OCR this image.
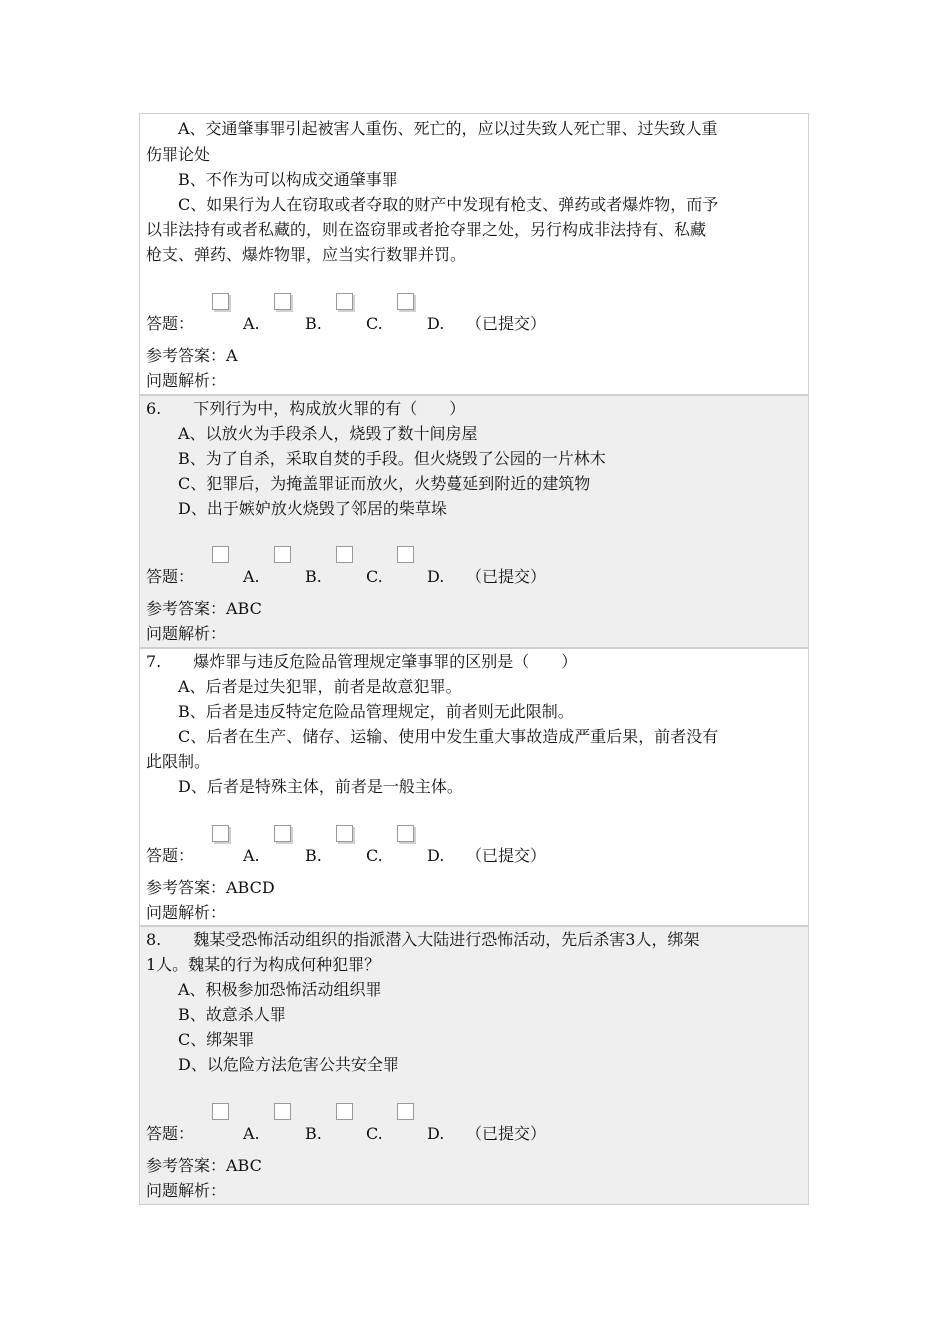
　　A、交通肇事罪引起被害人重伤、死亡的，应以过失致人死亡罪、过失致人重
伤罪论处
　　B、不作为可以构成交通肇事罪
　　C、如果行为人在窃取或者夺取的财产中发现有枪支、弹药或者爆炸物，而予
以非法持有或者私藏的，则在盗窃罪或者抢夺罪之处，另行构成非法持有、私藏
枪支、弹药、爆炸物罪，应当实行数罪并罚。
答题：	A.	B.	C.	D. （已提交）
参考答案：A
问题解析：
6.　　下列行为中，构成放火罪的有（　　）
　　A、以放火为手段杀人，烧毁了数十间房屋
　　B、为了自杀，采取自焚的手段。但火烧毁了公园的一片林木
　　C、犯罪后，为掩盖罪证而放火，火势蔓延到附近的建筑物
　　D、出于嫉妒放火烧毁了邻居的柴草垛
答题：	A.	B.	C.	D. （已提交）
参考答案：ABC
问题解析：
7.　　爆炸罪与违反危险品管理规定肇事罪的区别是（　　）
　　A、后者是过失犯罪，前者是故意犯罪。
　　B、后者是违反特定危险品管理规定，前者则无此限制。
　　C、后者在生产、储存、运输、使用中发生重大事故造成严重后果，前者没有
此限制。
　　D、后者是特殊主体，前者是一般主体。
答题：	A.	B.	C.	D. （已提交）
参考答案：ABCD
问题解析：
8.　　魏某受恐怖活动组织的指派潜入大陆进行恐怖活动，先后杀害3人，绑架
1人。魏某的行为构成何种犯罪？
　　A、积极参加恐怖活动组织罪
　　B、故意杀人罪
　　C、绑架罪
　　D、以危险方法危害公共安全罪
答题：	A.	B.	C.	D. （已提交）
参考答案：ABC
问题解析：
